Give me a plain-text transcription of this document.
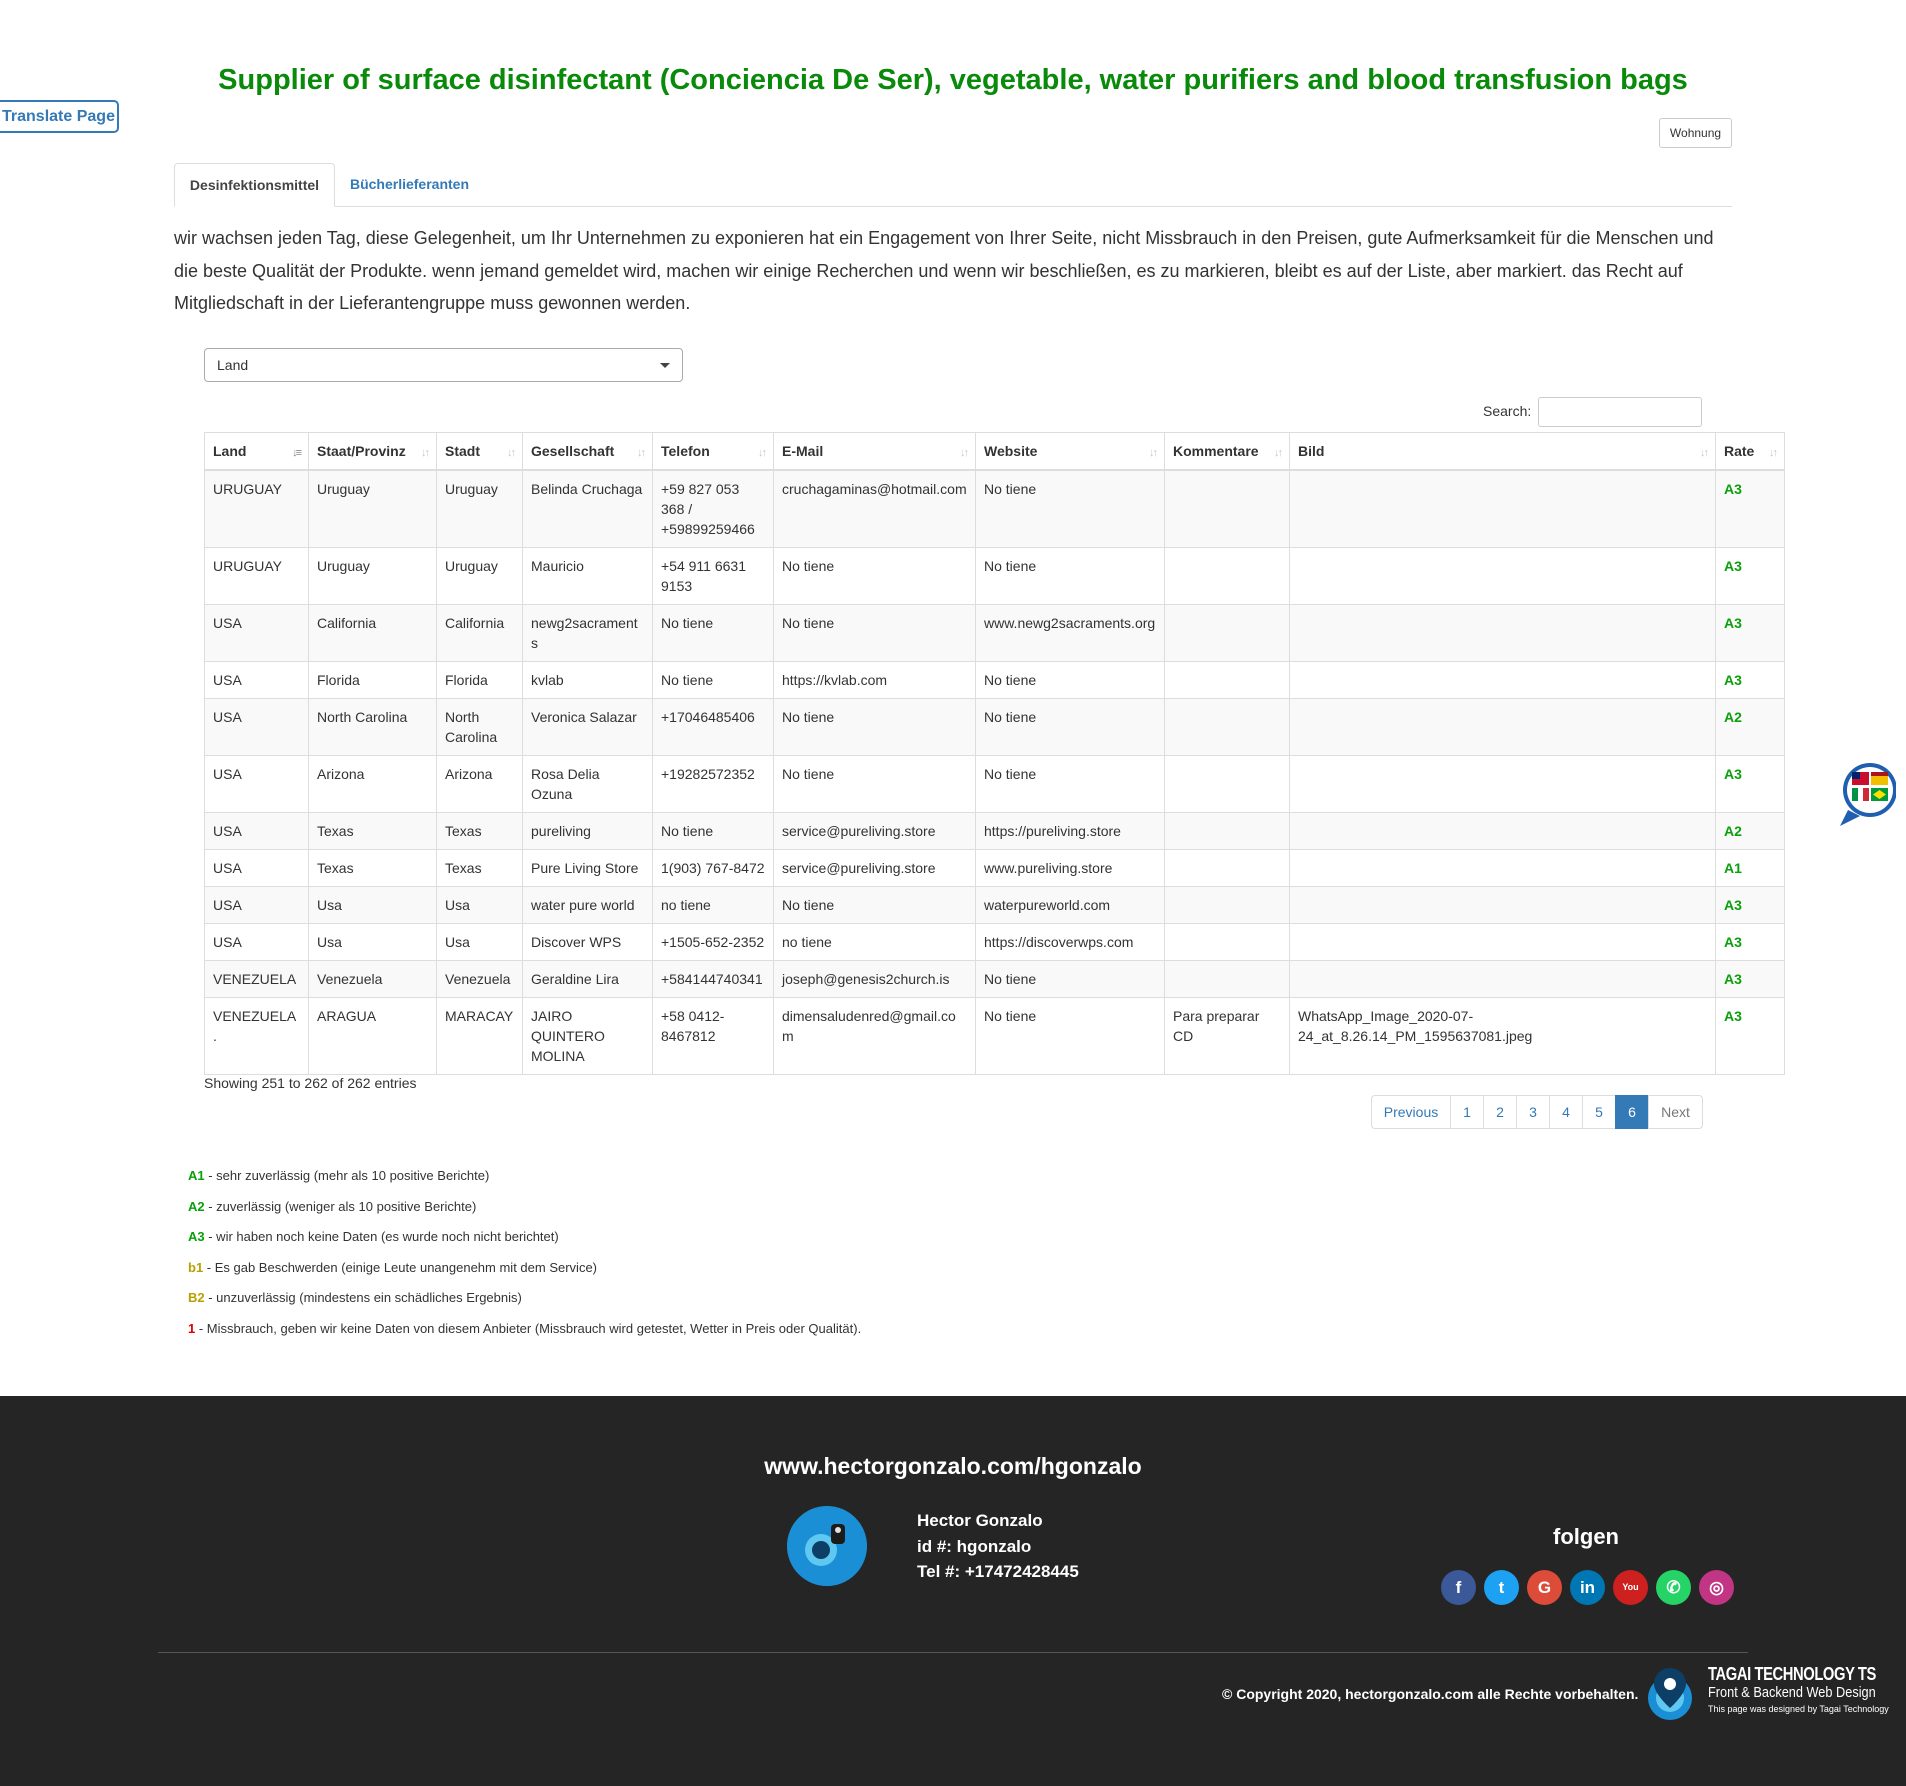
Translate Page
Supplier of surface disinfectant (Conciencia De Ser), vegetable, water purifiers and blood transfusion bags
Wohnung
Desinfektionsmittel	Bücherlieferanten

wir wachsen jeden Tag, diese Gelegenheit, um Ihr Unternehmen zu exponieren hat ein Engagement von Ihrer Seite, nicht Missbrauch in den Preisen, gute Aufmerksamkeit für die Menschen und die beste Qualität der Produkte. wenn jemand gemeldet wird, machen wir einige Recherchen und wenn wir beschließen, es zu markieren, bleibt es auf der Liste, aber markiert. das Recht auf Mitgliedschaft in der Lieferantengruppe muss gewonnen werden.

Land
Search:
Land ↓≡	Staat/Provinz ↓↑	Stadt ↓↑	Gesellschaft ↓↑	Telefon ↓↑	E-Mail ↓↑	Website ↓↑	Kommentare ↓↑	Bild ↓↑	Rate ↓↑

URUGUAY	Uruguay	Uruguay	Belinda Cruchaga	+59 827 053 368 / +59899259466	cruchagaminas@hotmail.com	No tiene			A3
URUGUAY	Uruguay	Uruguay	Mauricio	+54 911 6631 9153	No tiene	No tiene			A3
USA	California	California	newg2sacraments	No tiene	No tiene	www.newg2sacraments.org			A3
USA	Florida	Florida	kvlab	No tiene	https://kvlab.com	No tiene			A3
USA	North Carolina	North Carolina	Veronica Salazar	+17046485406	No tiene	No tiene			A2
USA	Arizona	Arizona	Rosa Delia Ozuna	+19282572352	No tiene	No tiene			A3
USA	Texas	Texas	pureliving	No tiene	service@pureliving.store	https://pureliving.store			A2
USA	Texas	Texas	Pure Living Store	1(903) 767-8472	service@pureliving.store	www.pureliving.store			A1
USA	Usa	Usa	water pure world	no tiene	No tiene	waterpureworld.com			A3
USA	Usa	Usa	Discover WPS	+1505-652-2352	no tiene	https://discoverwps.com			A3
VENEZUELA	Venezuela	Venezuela	Geraldine Lira	+584144740341	joseph@genesis2church.is	No tiene			A3
VENEZUELA.	ARAGUA	MARACAY	JAIRO QUINTERO MOLINA	+58 0412-8467812	dimensaludenred@gmail.com	No tiene	Para preparar CD	WhatsApp_Image_2020-07-24_at_8.26.14_PM_1595637081.jpeg	A3
Showing 251 to 262 of 262 entries
Previous	1	2	3	4	5	6	Next
A1 - sehr zuverlässig (mehr als 10 positive Berichte)
A2 - zuverlässig (weniger als 10 positive Berichte)
A3 - wir haben noch keine Daten (es wurde noch nicht berichtet)
b1 - Es gab Beschwerden (einige Leute unangenehm mit dem Service)
B2 - unzuverlässig (mindestens ein schädliches Ergebnis)
1 - Missbrauch, geben wir keine Daten von diesem Anbieter (Missbrauch wird getestet, Wetter in Preis oder Qualität).
www.hectorgonzalo.com/hgonzalo
Hector Gonzalo
id #: hgonzalo
Tel #: +17472428445
folgen
f	t	G	in	You	✆	◎
© Copyright 2020, hectorgonzalo.com alle Rechte vorbehalten.
TAGAI TECHNOLOGY TS
Front & Backend Web Design
This page was designed by Tagai Technology
